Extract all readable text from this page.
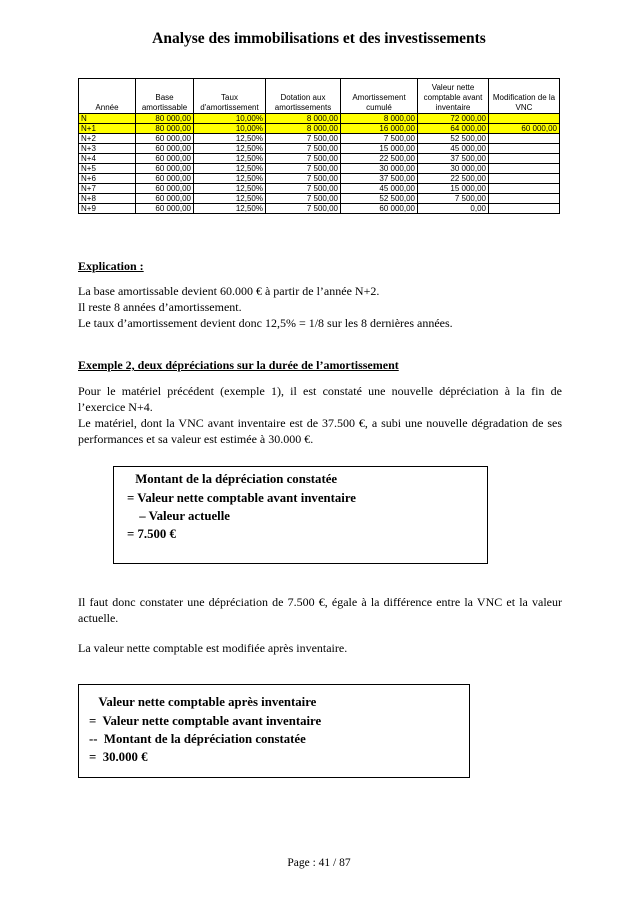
Analyse des immobilisations et des investissements
Année	Base amortissable	Taux d'amortissement	Dotation aux amortissements	Amortissement cumulé	Valeur nette comptable avant inventaire	Modification de la VNC
N	80 000,00	10,00%	8 000,00	8 000,00	72 000,00	
N+1	80 000,00	10,00%	8 000,00	16 000,00	64 000,00	60 000,00
N+2	60 000,00	12,50%	7 500,00	7 500,00	52 500,00	
N+3	60 000,00	12,50%	7 500,00	15 000,00	45 000,00	
N+4	60 000,00	12,50%	7 500,00	22 500,00	37 500,00	
N+5	60 000,00	12,50%	7 500,00	30 000,00	30 000,00	
N+6	60 000,00	12,50%	7 500,00	37 500,00	22 500,00	
N+7	60 000,00	12,50%	7 500,00	45 000,00	15 000,00	
N+8	60 000,00	12,50%	7 500,00	52 500,00	7 500,00	
N+9	60 000,00	12,50%	7 500,00	60 000,00	0,00	
Explication :
La base amortissable devient 60.000 € à partir de l’année N+2.
Il reste 8 années d’amortissement.
Le taux d’amortissement devient donc 12,5% = 1/8 sur les 8 dernières années.
Exemple 2, deux dépréciations sur la durée de l’amortissement
Pour le matériel précédent (exemple 1), il est constaté une nouvelle dépréciation à la fin de l’exercice N+4.
Le matériel, dont la VNC avant inventaire est de 37.500 €, a subi une nouvelle dégradation de ses performances et sa valeur est estimée à 30.000 €.
Montant de la dépréciation constatée
= Valeur nette comptable avant inventaire
– Valeur actuelle
= 7.500 €
Il faut donc constater une dépréciation de 7.500 €, égale à la différence entre la VNC et la valeur actuelle.
La valeur nette comptable est modifiée après inventaire.
Valeur nette comptable après inventaire
=  Valeur nette comptable avant inventaire
--  Montant de la dépréciation constatée
=  30.000 €
Page : 41 / 87
